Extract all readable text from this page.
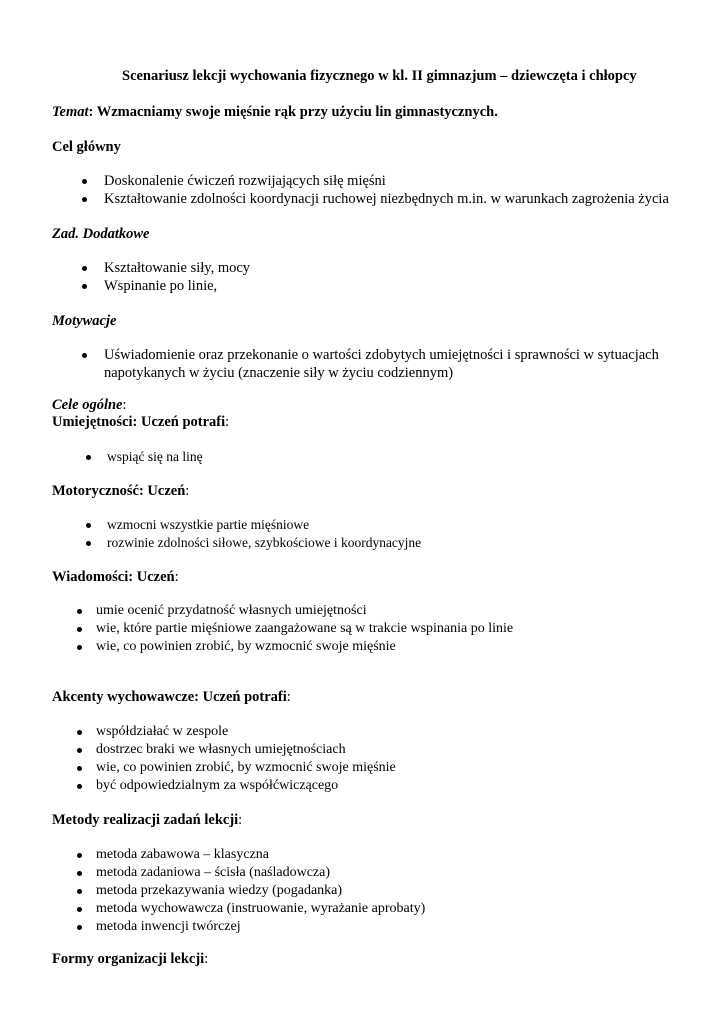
Scenariusz lekcji wychowania fizycznego w kl. II gimnazjum – dziewczęta i chłopcy
Temat: Wzmacniamy swoje mięśnie rąk przy użyciu lin gimnastycznych.
Cel główny
Doskonalenie ćwiczeń rozwijających siłę mięśni
Kształtowanie zdolności koordynacji ruchowej niezbędnych m.in. w warunkach zagrożenia życia
Zad. Dodatkowe
Kształtowanie siły, mocy
Wspinanie po linie,
Motywacje
Uświadomienie oraz przekonanie o wartości zdobytych umiejętności i sprawności w sytuacjach napotykanych w życiu (znaczenie siły w życiu codziennym)
Cele ogólne:
Umiejętności: Uczeń potrafi:
wspiąć się na linę
Motoryczność: Uczeń:
wzmocni wszystkie partie mięśniowe
rozwinie zdolności siłowe, szybkościowe i koordynacyjne
Wiadomości: Uczeń:
umie ocenić przydatność własnych umiejętności
wie, które partie mięśniowe zaangażowane są w trakcie wspinania po linie
wie, co powinien zrobić, by wzmocnić swoje mięśnie
Akcenty wychowawcze: Uczeń potrafi:
współdziałać w zespole
dostrzec braki we własnych umiejętnościach
wie, co powinien zrobić, by wzmocnić swoje mięśnie
być odpowiedzialnym za współćwiczącego
Metody realizacji zadań lekcji:
metoda zabawowa – klasyczna
metoda zadaniowa – ścisła (naśladowcza)
metoda przekazywania wiedzy (pogadanka)
metoda wychowawcza (instruowanie, wyrażanie aprobaty)
metoda inwencji twórczej
Formy organizacji lekcji:
